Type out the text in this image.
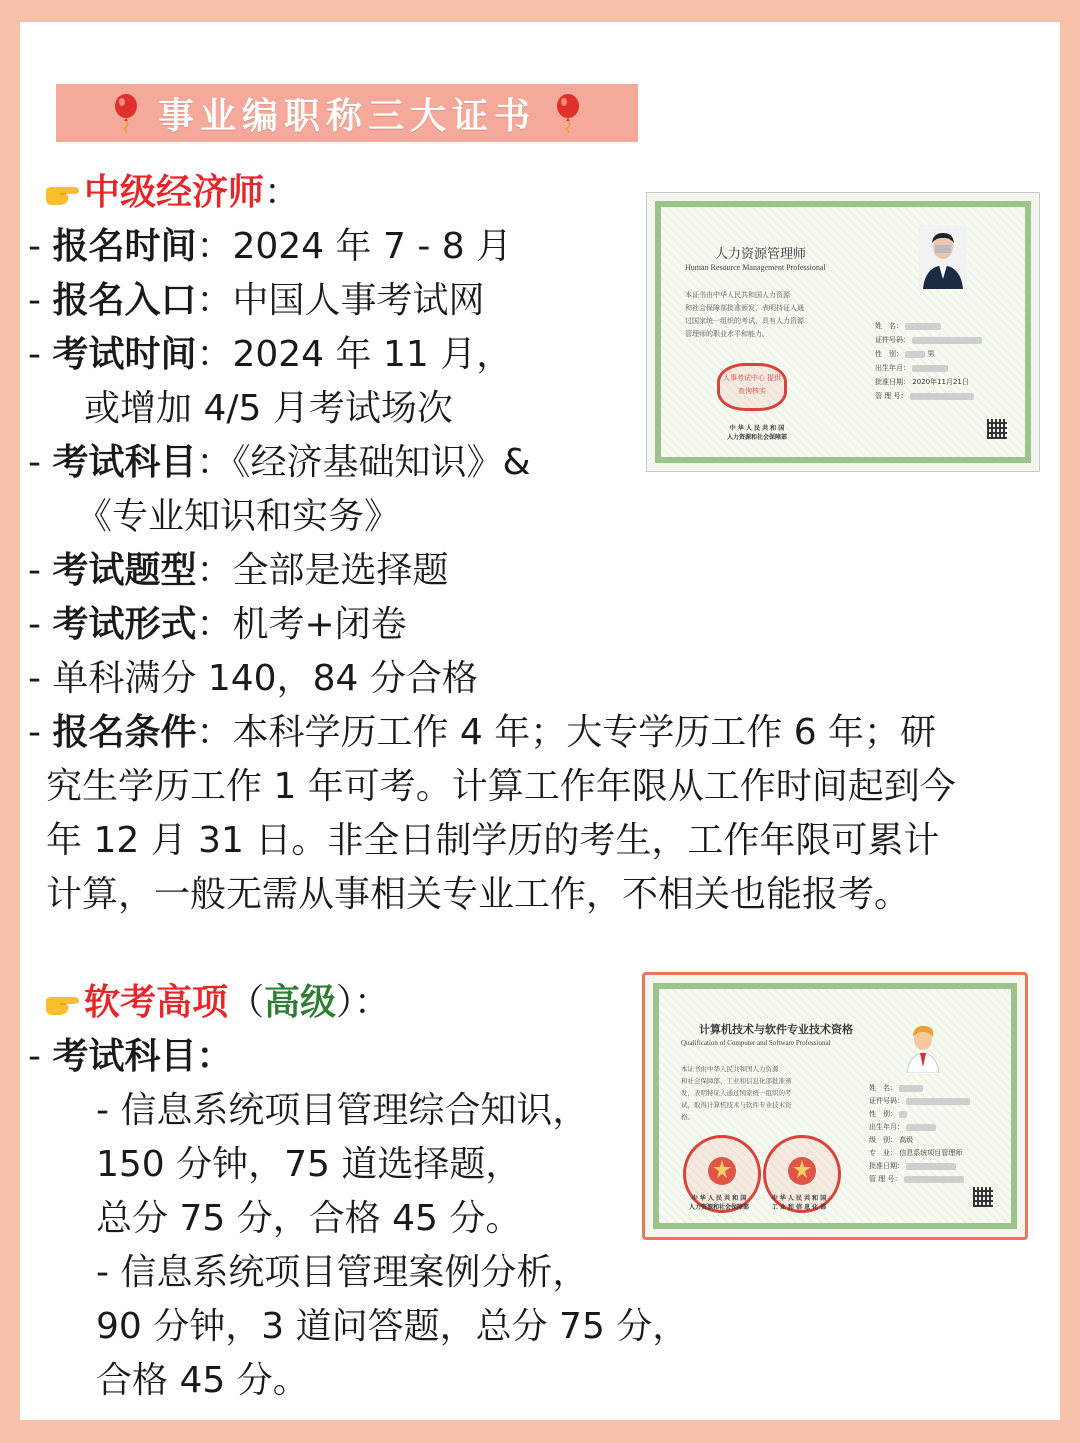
事业编职称三大证书
中级经济师：
- 报名时间：2024 年 7 - 8 月
- 报名入口：中国人事考试网
- 考试时间：2024 年 11 月，
或增加 4/5 月考试场次
- 考试科目：《经济基础知识》&
《专业知识和实务》
- 考试题型：全部是选择题
- 考试形式：机考+闭卷
- 单科满分 140，84 分合格
- 报名条件：本科学历工作 4 年；大专学历工作 6 年；研
究生学历工作 1 年可考。计算工作年限从工作时间起到今
年 12 月 31 日。非全日制学历的考生，工作年限可累计
计算，一般无需从事相关专业工作，不相关也能报考。
软考高项（高级）：
- 考试科目：
- 信息系统项目管理综合知识，
150 分钟，75 道选择题，
总分 75 分，合格 45 分。
- 信息系统项目管理案例分析，
90 分钟，3 道问答题，总分 75 分，
合格 45 分。
人力资源管理师
Human Resource Management Professional
本证书由中华人民共和国人力资源
和社会保障部批准颁发，表明持证人通
过国家统一组织的考试，具有人力资源
管理师的职业水平和能力。
姓　名：
证件号码：
性　别：	男
出生年月：
批准日期： 2020年11月21日
管 理 号：
人事考试中心 提供查询核实
中 华 人 民 共 和 国
人力资源和社会保障部
计算机技术与软件专业技术资格
Qualification of Computer and Software Professional
本证书由中华人民共和国人力资源
和社会保障部、工业和信息化部批准颁
发，表明持证人通过国家统一组织的考
试，取得计算机技术与软件专业技术资
格。
姓　名：
证件号码：
性　别：
出生年月：
级　别： 高级
专　业： 信息系统项目管理师
批准日期：
管 理 号：
中 华 人 民 共 和 国
人力资源和社会保障部
中 华 人 民 共 和 国
工 业 和 信 息 化 部
